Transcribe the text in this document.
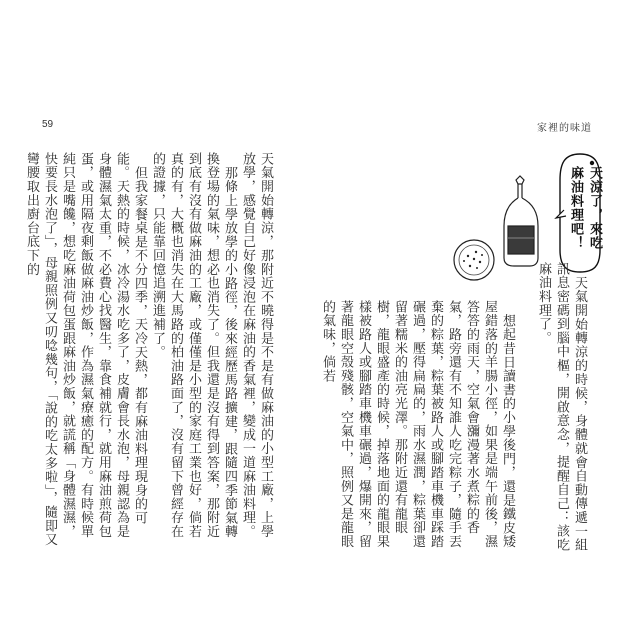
59	家裡的味道
天涼了，來吃麻油料理吧！
天氣開始轉涼的時候，身體就會自動傳遞一組訊息密碼到腦中樞，開啟意念，提醒自己：該吃麻油料理了。
想起昔日讀書的小學後門，還是鐵皮矮屋錯落的羊腸小徑，如果是端午前後，濕答答的雨天，空氣會瀰漫著水煮粽的香氣，路旁還有不知誰人吃完粽子，隨手丟棄的粽葉，粽葉被路人或腳踏車機車踩踏碾過，壓得扁扁的，雨水濕潤，粽葉卻還留著糯米的油亮光澤。那附近還有龍眼樹，龍眼盛產的時候，掉落地面的龍眼果樣被路人或腳踏車機車碾過，爆開來，留著龍眼空殼殘骸，空氣中，照例又是龍眼的氣味，倘若
天氣開始轉涼，那附近不曉得是不是有做麻油的小型工廠，上學放學，感覺自己好像浸泡在麻油的香氣裡，變成一道麻油料理。
那條上學放學的小路徑，後來經歷馬路擴建，跟隨四季節氣轉換登場的氣味，想必也消失了。但我還是沒有得到答案，那附近到底有沒有做麻油的工廠，或僅僅是小型的家庭工業也好，倘若真的有，大概也消失在大馬路的柏油路面了，沒有留下曾經存在的證據，只能靠回憶追溯進補了。
但我家餐桌是不分四季，天冷天熱，都有麻油料理現身的可能。天熱的時候，冰冷湯水吃多了，皮膚會長水泡，母親認為是身體濕氣太重，不必費心找醫生，靠食補就行，就用麻油煎荷包蛋，或用隔夜剩飯做麻油炒飯，作為濕氣療癒的配方。有時候單純只是嘴饞，想吃麻油荷包蛋跟麻油炒飯，就謊稱「身體濕濕，快要長水泡了」，母親照例又叨唸幾句，「說的吃太多啦」，隨即又彎腰取出廚台底下的
